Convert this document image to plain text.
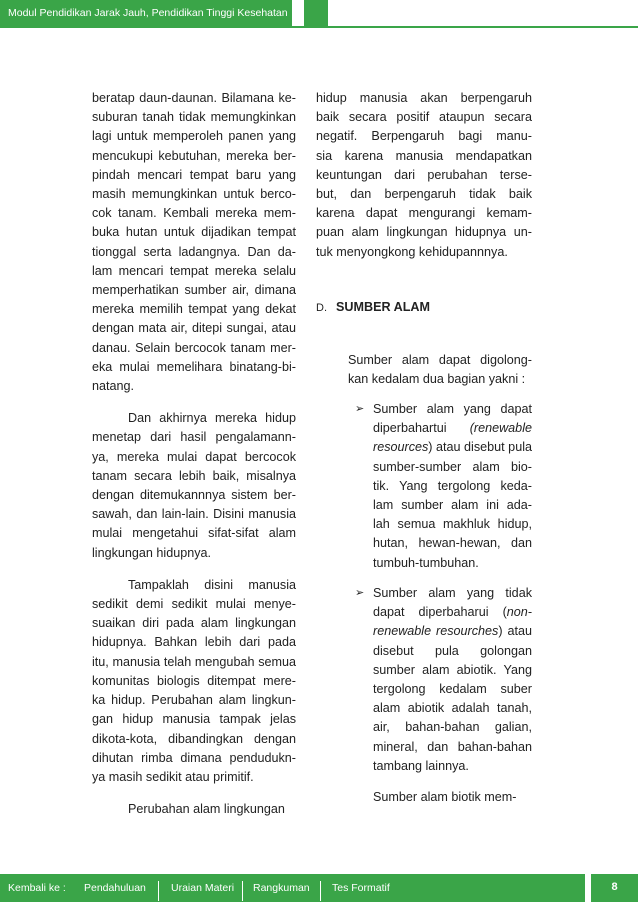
Modul Pendidikan Jarak Jauh, Pendidikan Tinggi Kesehatan

beratap daun-daunan. Bilamana ke-
suburan tanah tidak memungkinkan
lagi untuk memperoleh panen yang
mencukupi kebutuhan, mereka ber-
pindah mencari tempat baru yang
masih memungkinkan untuk berco-
cok tanam. Kembali mereka mem-
buka hutan untuk dijadikan tempat
tionggal serta ladangnya. Dan da-
lam mencari tempat mereka selalu
memperhatikan sumber air, dimana
mereka memilih tempat yang dekat
dengan mata air, ditepi sungai, atau
danau. Selain bercocok tanam mer-
eka mulai memelihara binatang-bi-
natang.

Dan akhirnya mereka hidup
menetap dari hasil pengalamann-
ya, mereka mulai dapat bercocok
tanam secara lebih baik, misalnya
dengan ditemukannnya sistem ber-
sawah, dan lain-lain. Disini manusia
mulai mengetahui sifat-sifat alam
lingkungan hidupnya.

Tampaklah disini manusia
sedikit demi sedikit mulai menye-
suaikan diri pada alam lingkungan
hidupnya. Bahkan lebih dari pada
itu, manusia telah mengubah semua
komunitas biologis ditempat mere-
ka hidup. Perubahan alam lingkun-
gan hidup manusia tampak jelas
dikota-kota, dibandingkan dengan
dihutan rimba dimana pendudukn-
ya masih sedikit atau primitif.

Perubahan alam lingkungan

hidup manusia akan berpengaruh
baik secara positif ataupun secara
negatif. Berpengaruh bagi manu-
sia karena manusia mendapatkan
keuntungan dari perubahan terse-
but, dan berpengaruh tidak baik
karena dapat mengurangi kemam-
puan alam lingkungan hidupnya un-
tuk menyongkong kehidupannnya.

D. SUMBER ALAM
Sumber alam dapat digolong-
kan kedalam dua bagian yakni :
➢ Sumber alam yang dapat
diperbahartui (renewable
resources) atau disebut pula
sumber-sumber alam bio-
tik. Yang tergolong keda-
lam sumber alam ini ada-
lah semua makhluk hidup,
hutan, hewan-hewan, dan
tumbuh-tumbuhan.
➢ Sumber alam yang tidak
dapat diperbaharui (non-
renewable resourches) atau
disebut pula golongan
sumber alam abiotik. Yang
tergolong kedalam suber
alam abiotik adalah tanah,
air, bahan-bahan galian,
mineral, dan bahan-bahan
tambang lainnya.
Sumber alam biotik mem-
Kembali ke : Pendahuluan Uraian Materi Rangkuman Tes Formatif	8
